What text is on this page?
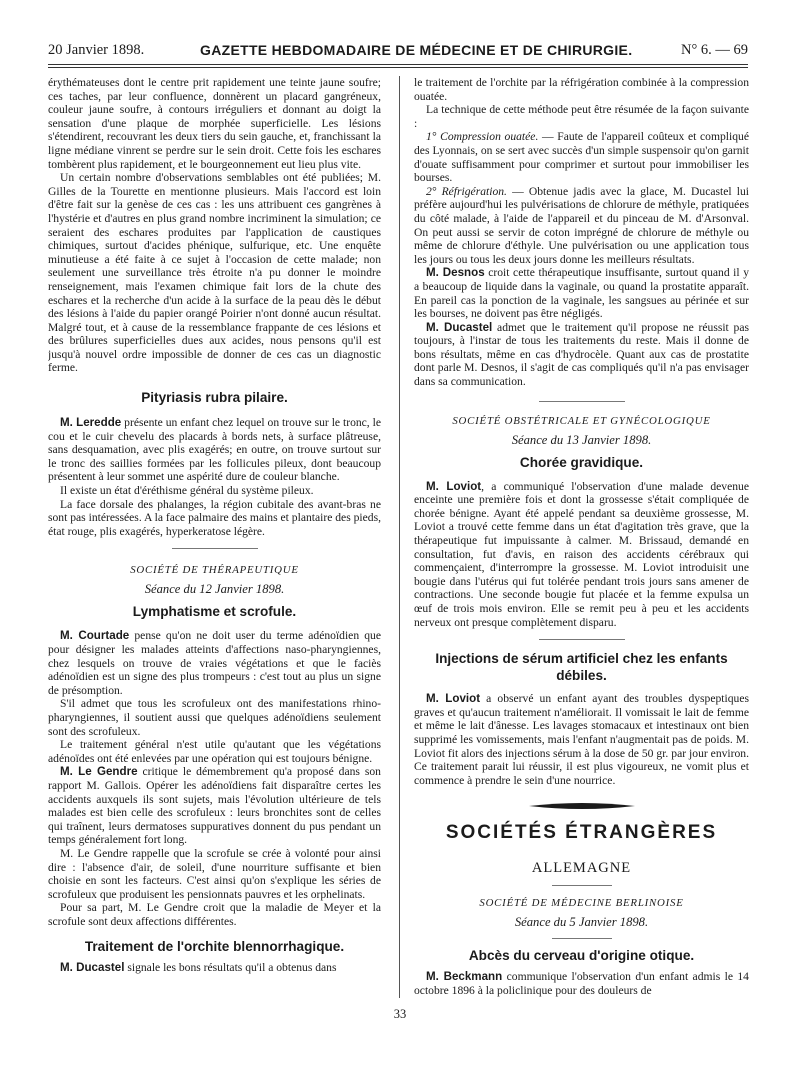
20 Janvier 1898.	GAZETTE HEBDOMADAIRE DE MÉDECINE ET DE CHIRURGIE.	N° 6. — 69

érythémateuses dont le centre prit rapidement une teinte jaune soufre; ces taches, par leur confluence, donnèrent un placard gangréneux, couleur jaune soufre, à contours irréguliers et donnant au doigt la sensation d'une plaque de morphée superficielle. Les lésions s'étendirent, recouvrant les deux tiers du sein gauche, et, franchissant la ligne médiane vinrent se perdre sur le sein droit. Cette fois les eschares tombèrent plus rapidement, et le bourgeonnement eut lieu plus vite.

Un certain nombre d'observations semblables ont été publiées; M. Gilles de la Tourette en mentionne plusieurs. Mais l'accord est loin d'être fait sur la genèse de ces cas : les uns attribuent ces gangrènes à l'hystérie et d'autres en plus grand nombre incriminent la simulation; ce seraient des eschares produites par l'application de caustiques chimiques, surtout d'acides phénique, sulfurique, etc. Une enquête minutieuse a été faite à ce sujet à l'occasion de cette malade; non seulement une surveillance très étroite n'a pu donner le moindre renseignement, mais l'examen chimique fait lors de la chute des eschares et la recherche d'un acide à la surface de la peau dès le début des lésions à l'aide du papier orangé Poirier n'ont donné aucun résultat. Malgré tout, et à cause de la ressemblance frappante de ces lésions et des brûlures superficielles dues aux acides, nous pensons qu'il est jusqu'à nouvel ordre impossible de donner de ces cas un diagnostic ferme.

Pityriasis rubra pilaire.

M. Leredde présente un enfant chez lequel on trouve sur le tronc, le cou et le cuir chevelu des placards à bords nets, à surface plâtreuse, sans desquamation, avec plis exagérés; en outre, on trouve surtout sur le tronc des saillies formées par les follicules pileux, dont beaucoup présentent à leur sommet une aspérité dure de couleur blanche.

Il existe un état d'éréthisme général du système pileux.

La face dorsale des phalanges, la région cubitale des avant-bras ne sont pas intéressées. A la face palmaire des mains et plantaire des pieds, état rouge, plis exagérés, hyperkeratose légère.

SOCIÉTÉ DE THÉRAPEUTIQUE
Séance du 12 Janvier 1898.
Lymphatisme et scrofule.

M. Courtade pense qu'on ne doit user du terme adénoïdien que pour désigner les malades atteints d'affections naso-pharyngiennes, chez lesquels on trouve de vraies végétations et que le faciès adénoïdien est un signe des plus trompeurs : c'est tout au plus un signe de présomption.

S'il admet que tous les scrofuleux ont des manifestations rhino-pharyngiennes, il soutient aussi que quelques adénoïdiens seulement sont des scrofuleux.

Le traitement général n'est utile qu'autant que les végétations adénoïdes ont été enlevées par une opération qui est toujours bénigne.

M. Le Gendre critique le démembrement qu'a proposé dans son rapport M. Gallois. Opérer les adénoïdiens fait disparaître certes les accidents auxquels ils sont sujets, mais l'évolution ultérieure de tels malades est bien celle des scrofuleux : leurs bronchites sont de celles qui traînent, leurs dermatoses suppuratives donnent du pus pendant un temps généralement fort long.

M. Le Gendre rappelle que la scrofule se crée à volonté pour ainsi dire : l'absence d'air, de soleil, d'une nourriture suffisante et bien choisie en sont les facteurs. C'est ainsi qu'on s'explique les séries de scrofuleux que produisent les pensionnats pauvres et les orphelinats.

Pour sa part, M. Le Gendre croit que la maladie de Meyer et la scrofule sont deux affections différentes.

Traitement de l'orchite blennorrhagique.

M. Ducastel signale les bons résultats qu'il a obtenus dans

le traitement de l'orchite par la réfrigération combinée à la compression ouatée.

La technique de cette méthode peut être résumée de la façon suivante :

1° Compression ouatée. — Faute de l'appareil coûteux et compliqué des Lyonnais, on se sert avec succès d'un simple suspensoir qu'on garnit d'ouate suffisamment pour comprimer et surtout pour immobiliser les bourses.

2° Réfrigération. — Obtenue jadis avec la glace, M. Ducastel lui préfère aujourd'hui les pulvérisations de chlorure de méthyle, pratiquées du côté malade, à l'aide de l'appareil et du pinceau de M. d'Arsonval. On peut aussi se servir de coton imprégné de chlorure de méthyle ou même de chlorure d'éthyle. Une pulvérisation ou une application tous les jours ou tous les deux jours donne les meilleurs résultats.

M. Desnos croit cette thérapeutique insuffisante, surtout quand il y a beaucoup de liquide dans la vaginale, ou quand la prostatite apparaît. En pareil cas la ponction de la vaginale, les sangsues au périnée et sur les bourses, ne doivent pas être négligés.

M. Ducastel admet que le traitement qu'il propose ne réussit pas toujours, à l'instar de tous les traitements du reste. Mais il donne de bons résultats, même en cas d'hydrocèle. Quant aux cas de prostatite dont parle M. Desnos, il s'agit de cas compliqués qu'il n'a pas envisager dans sa communication.

SOCIÉTÉ OBSTÉTRICALE ET GYNÉCOLOGIQUE
Séance du 13 Janvier 1898.
Chorée gravidique.

M. Loviot, a communiqué l'observation d'une malade devenue enceinte une première fois et dont la grossesse s'était compliquée de chorée bénigne. Ayant été appelé pendant sa deuxième grossesse, M. Loviot a trouvé cette femme dans un état d'agitation très grave, que la thérapeutique fut impuissante à calmer. M. Brissaud, demandé en consultation, fut d'avis, en raison des accidents cérébraux qui commençaient, d'interrompre la grossesse. M. Loviot introduisit une bougie dans l'utérus qui fut tolérée pendant trois jours sans amener de contractions. Une seconde bougie fut placée et la femme expulsa un œuf de trois mois environ. Elle se remit peu à peu et les accidents nerveux ont presque complètement disparu.

Injections de sérum artificiel chez les enfants débiles.

M. Loviot a observé un enfant ayant des troubles dyspeptiques graves et qu'aucun traitement n'améliorait. Il vomissait le lait de femme et même le lait d'ânesse. Les lavages stomacaux et intestinaux ont bien supprimé les vomissements, mais l'enfant n'augmentait pas de poids. M. Loviot fit alors des injections sérum à la dose de 50 gr. par jour environ. Ce traitement parait lui réussir, il est plus vigoureux, ne vomit plus et commence à prendre le sein d'une nourrice.

SOCIÉTÉS ÉTRANGÈRES
ALLEMAGNE
SOCIÉTÉ DE MÉDECINE BERLINOISE
Séance du 5 Janvier 1898.
Abcès du cerveau d'origine otique.

M. Beckmann communique l'observation d'un enfant admis le 14 octobre 1896 à la policlinique pour des douleurs de

33
